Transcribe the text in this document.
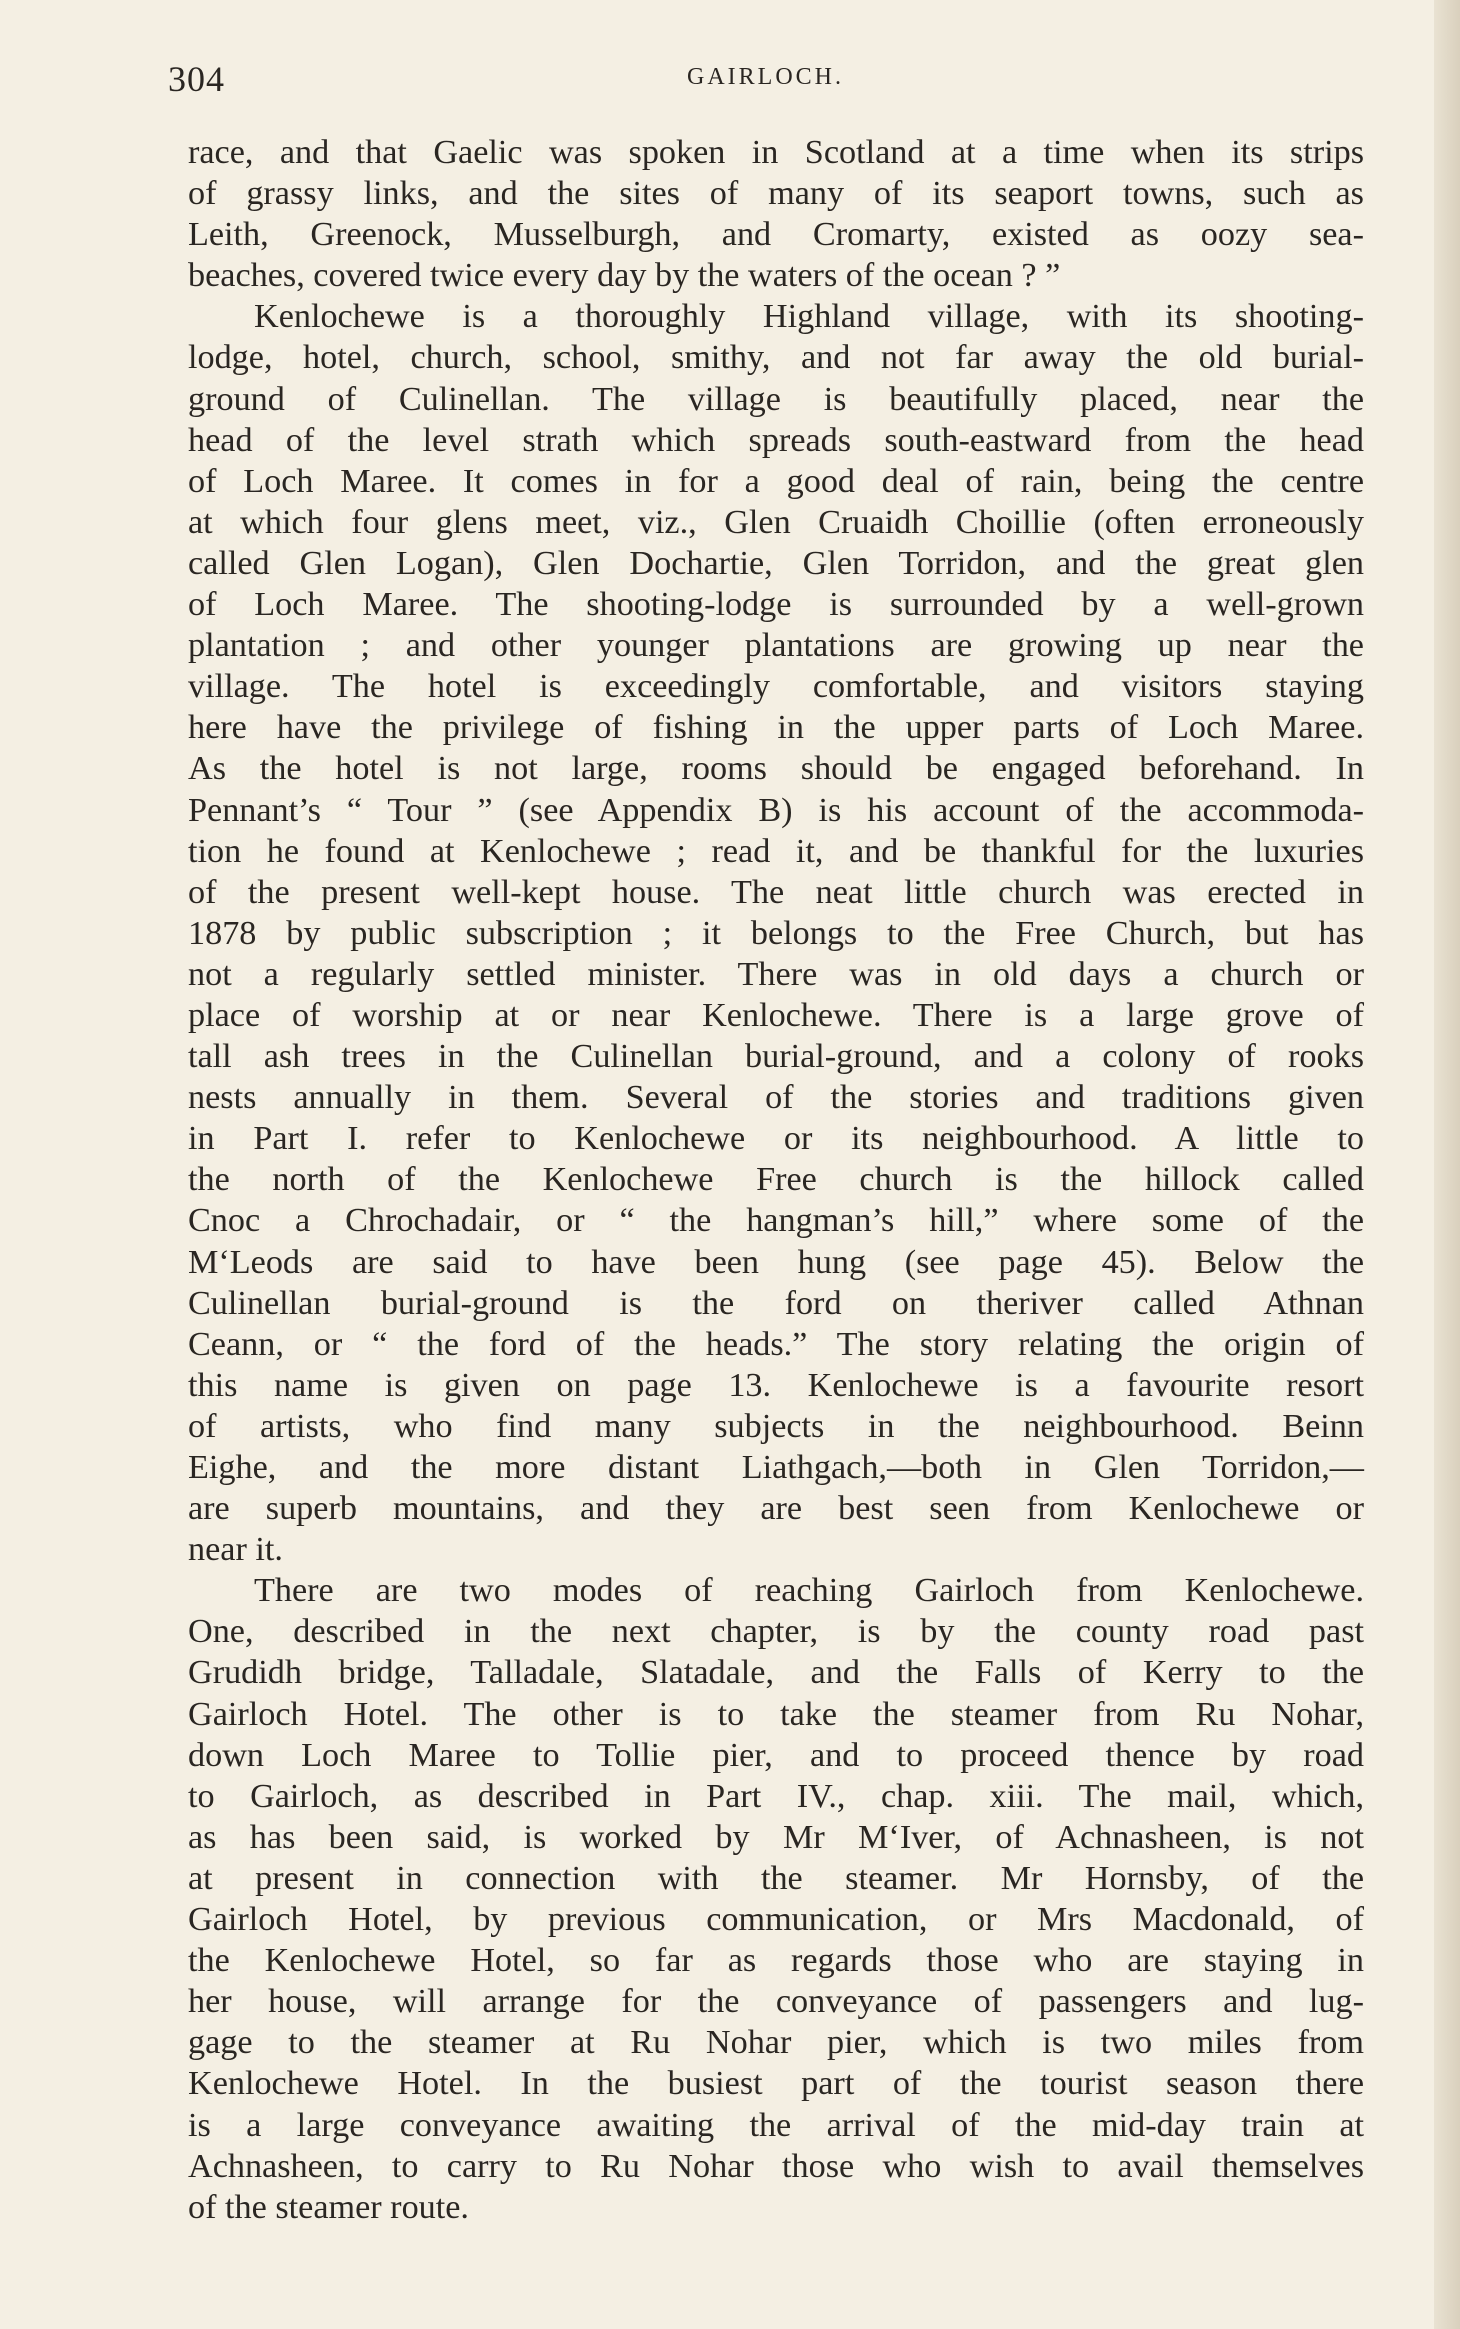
304	GAIRLOCH.
race, and that Gaelic was spoken in Scotland at a time when its strips
of grassy links, and the sites of many of its seaport towns, such as
Leith, Greenock, Musselburgh, and Cromarty, existed as oozy sea-
beaches, covered twice every day by the waters of the ocean ? ”
Kenlochewe is a thoroughly Highland village, with its shooting-
lodge, hotel, church, school, smithy, and not far away the old burial-
ground of Culinellan. The village is beautifully placed, near the
head of the level strath which spreads south-eastward from the head
of Loch Maree. It comes in for a good deal of rain, being the centre
at which four glens meet, viz., Glen Cruaidh Choillie (often erroneously
called Glen Logan), Glen Dochartie, Glen Torridon, and the great glen
of Loch Maree. The shooting-lodge is surrounded by a well-grown
plantation ; and other younger plantations are growing up near the
village. The hotel is exceedingly comfortable, and visitors staying
here have the privilege of fishing in the upper parts of Loch Maree.
As the hotel is not large, rooms should be engaged beforehand. In
Pennant’s “ Tour ” (see Appendix B) is his account of the accommoda-
tion he found at Kenlochewe ; read it, and be thankful for the luxuries
of the present well-kept house. The neat little church was erected in
1878 by public subscription ; it belongs to the Free Church, but has
not a regularly settled minister. There was in old days a church or
place of worship at or near Kenlochewe. There is a large grove of
tall ash trees in the Culinellan burial-ground, and a colony of rooks
nests annually in them. Several of the stories and traditions given
in Part I. refer to Kenlochewe or its neighbourhood. A little to
the north of the Kenlochewe Free church is the hillock called
Cnoc a Chrochadair, or “ the hangman’s hill,” where some of the
M‘Leods are said to have been hung (see page 45). Below the
Culinellan burial-ground is the ford on theriver called Athnan
Ceann, or “ the ford of the heads.” The story relating the origin of
this name is given on page 13. Kenlochewe is a favourite resort
of artists, who find many subjects in the neighbourhood. Beinn
Eighe, and the more distant Liathgach,—both in Glen Torridon,—
are superb mountains, and they are best seen from Kenlochewe or
near it.
There are two modes of reaching Gairloch from Kenlochewe.
One, described in the next chapter, is by the county road past
Grudidh bridge, Talladale, Slatadale, and the Falls of Kerry to the
Gairloch Hotel. The other is to take the steamer from Ru Nohar,
down Loch Maree to Tollie pier, and to proceed thence by road
to Gairloch, as described in Part IV., chap. xiii. The mail, which,
as has been said, is worked by Mr M‘Iver, of Achnasheen, is not
at present in connection with the steamer. Mr Hornsby, of the
Gairloch Hotel, by previous communication, or Mrs Macdonald, of
the Kenlochewe Hotel, so far as regards those who are staying in
her house, will arrange for the conveyance of passengers and lug-
gage to the steamer at Ru Nohar pier, which is two miles from
Kenlochewe Hotel. In the busiest part of the tourist season there
is a large conveyance awaiting the arrival of the mid-day train at
Achnasheen, to carry to Ru Nohar those who wish to avail themselves
of the steamer route.
